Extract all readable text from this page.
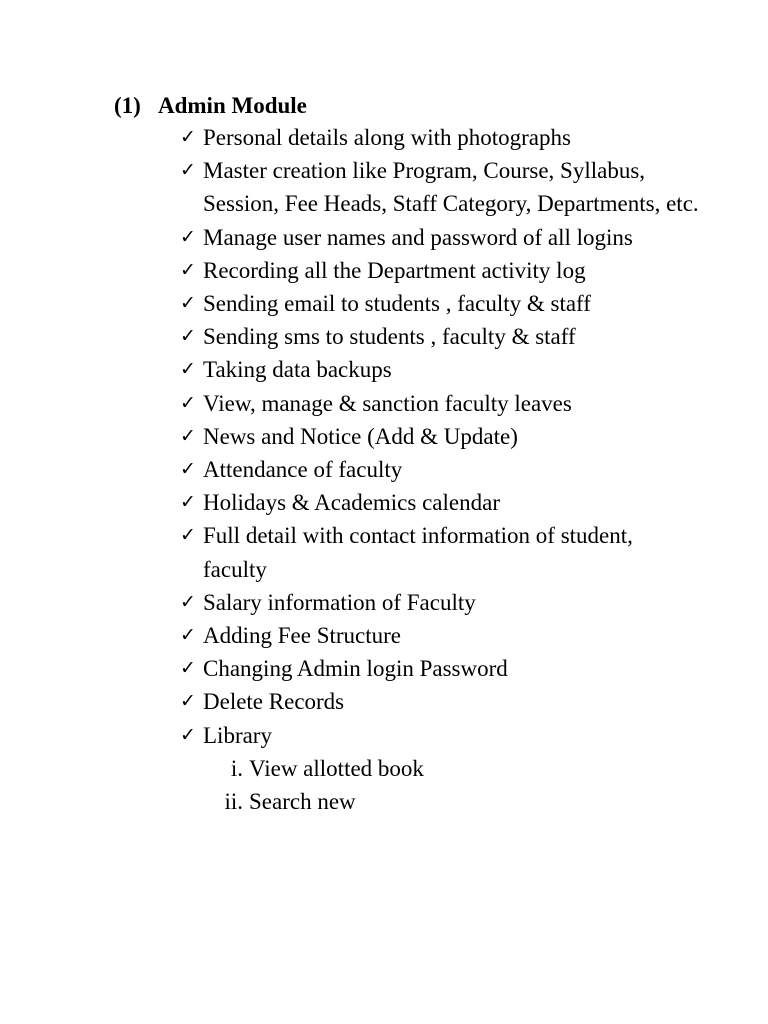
(1) Admin Module
✓ Personal details along with photographs
✓ Master creation like Program, Course, Syllabus, Session, Fee Heads, Staff Category, Departments, etc.
✓ Manage user names and password of all logins
✓ Recording all the Department activity log
✓ Sending email to students , faculty & staff
✓ Sending sms to students , faculty & staff
✓ Taking data backups
✓ View, manage & sanction faculty leaves
✓ News and Notice (Add & Update)
✓ Attendance of faculty
✓ Holidays & Academics calendar
✓ Full detail with contact information of student, faculty
✓ Salary information of Faculty
✓ Adding Fee Structure
✓ Changing Admin login Password
✓ Delete Records
✓ Library
i. View allotted book
ii. Search new
